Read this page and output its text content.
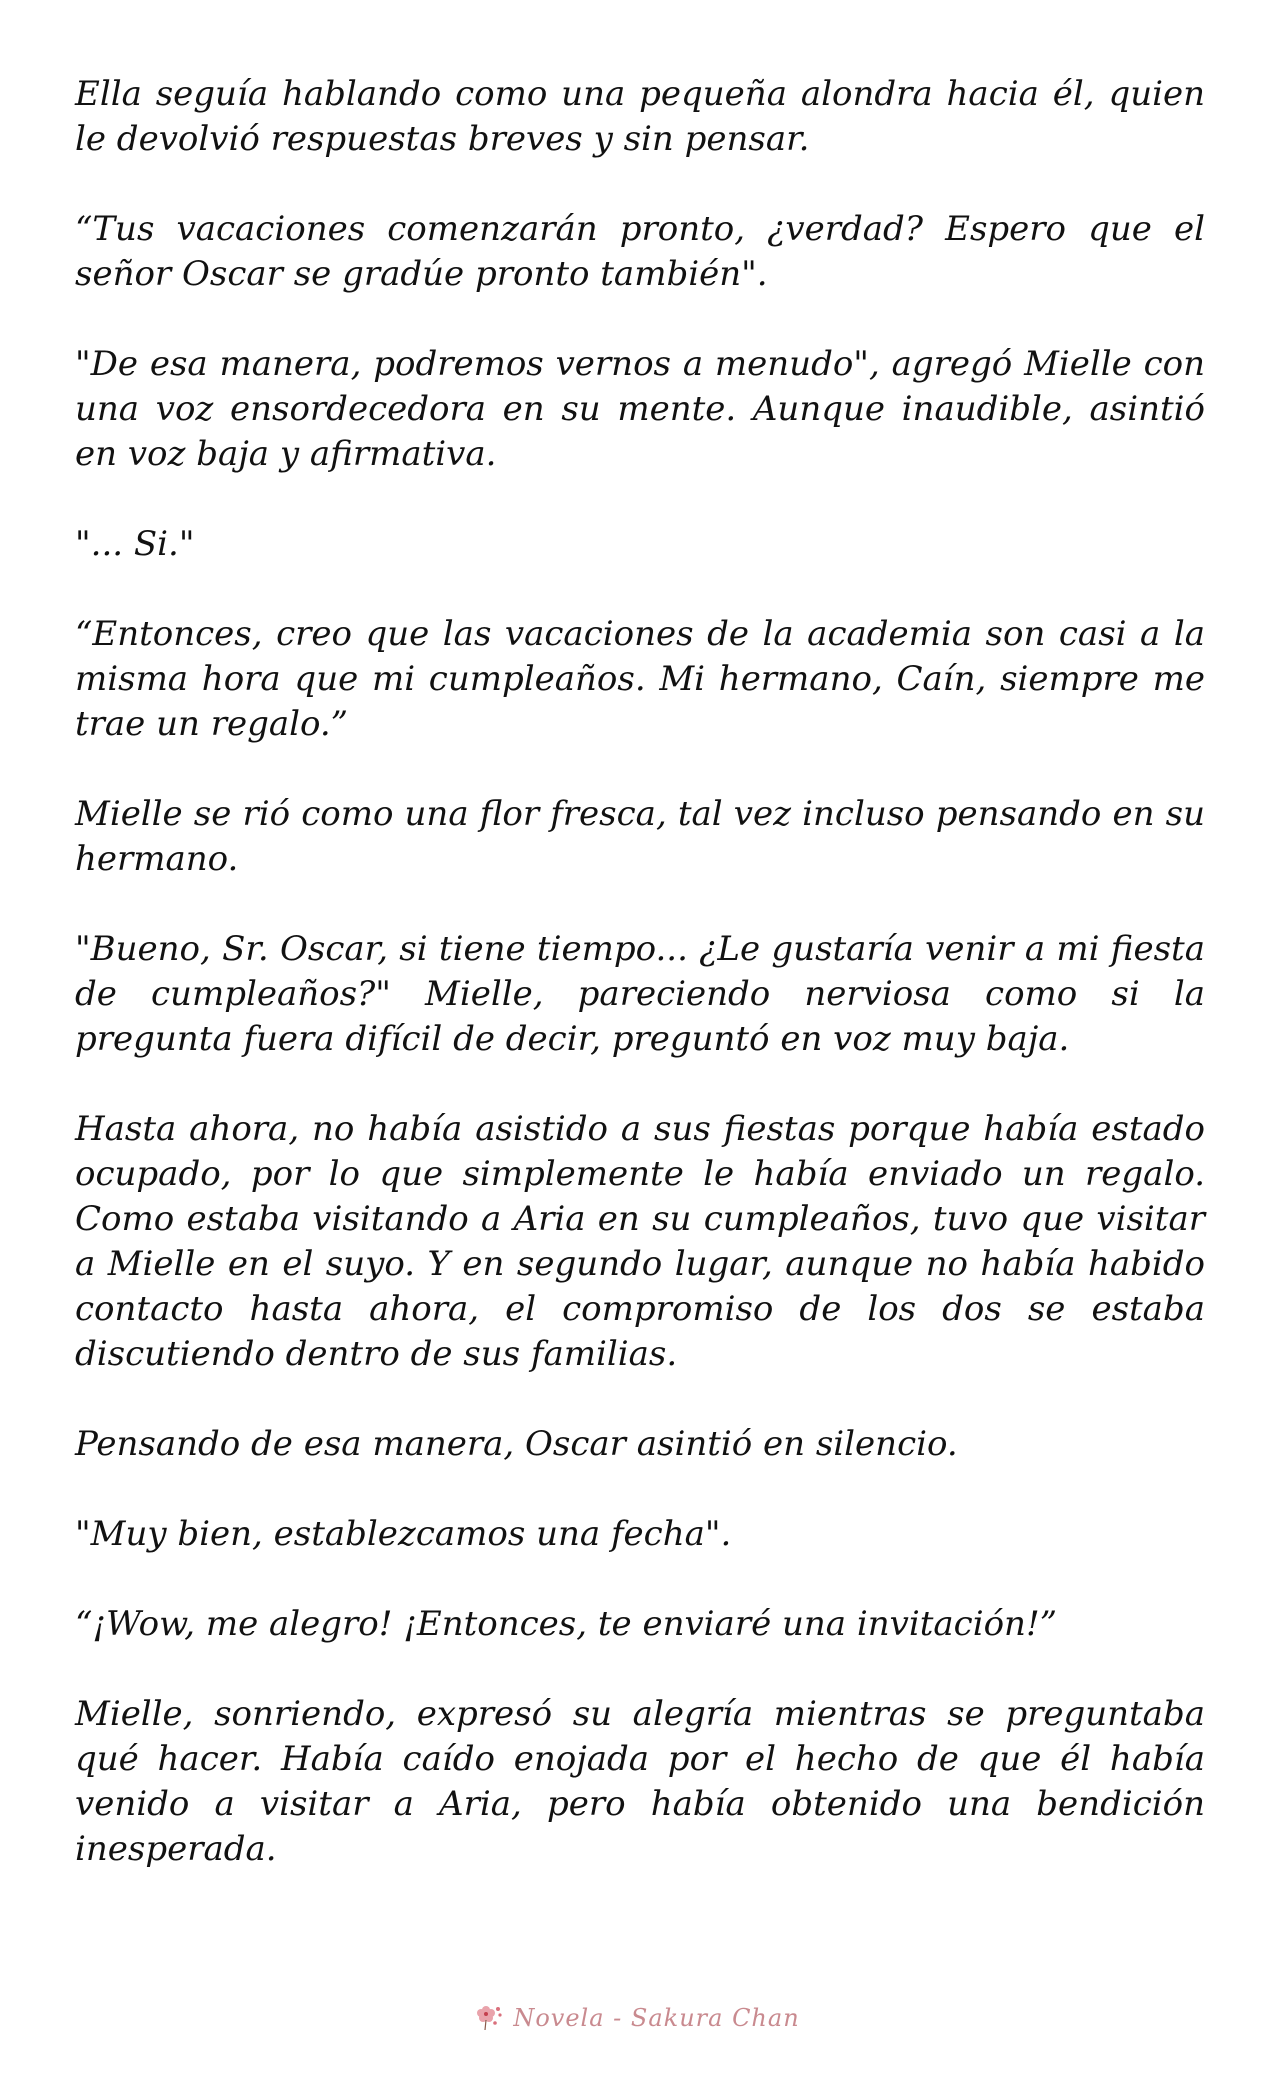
Ella seguía hablando como una pequeña alondra hacia él, quien le devolvió respuestas breves y sin pensar.

“Tus vacaciones comenzarán pronto, ¿verdad? Espero que el señor Oscar se gradúe pronto también".

"De esa manera, podremos vernos a menudo", agregó Mielle con una voz ensordecedora en su mente. Aunque inaudible, asintió en voz baja y afirmativa.

"... Si."

“Entonces, creo que las vacaciones de la academia son casi a la misma hora que mi cumpleaños. Mi hermano, Caín, siempre me trae un regalo.”

Mielle se rió como una flor fresca, tal vez incluso pensando en su hermano.

"Bueno, Sr. Oscar, si tiene tiempo... ¿Le gustaría venir a mi fiesta de cumpleaños?" Mielle, pareciendo nerviosa como si la pregunta fuera difícil de decir, preguntó en voz muy baja.

Hasta ahora, no había asistido a sus fiestas porque había estado ocupado, por lo que simplemente le había enviado un regalo. Como estaba visitando a Aria en su cumpleaños, tuvo que visitar a Mielle en el suyo. Y en segundo lugar, aunque no había habido contacto hasta ahora, el compromiso de los dos se estaba discutiendo dentro de sus familias.

Pensando de esa manera, Oscar asintió en silencio.

"Muy bien, establezcamos una fecha".

“¡Wow, me alegro! ¡Entonces, te enviaré una invitación!”

Mielle, sonriendo, expresó su alegría mientras se preguntaba qué hacer. Había caído enojada por el hecho de que él había venido a visitar a Aria, pero había obtenido una bendición inesperada.

Novela - Sakura Chan
